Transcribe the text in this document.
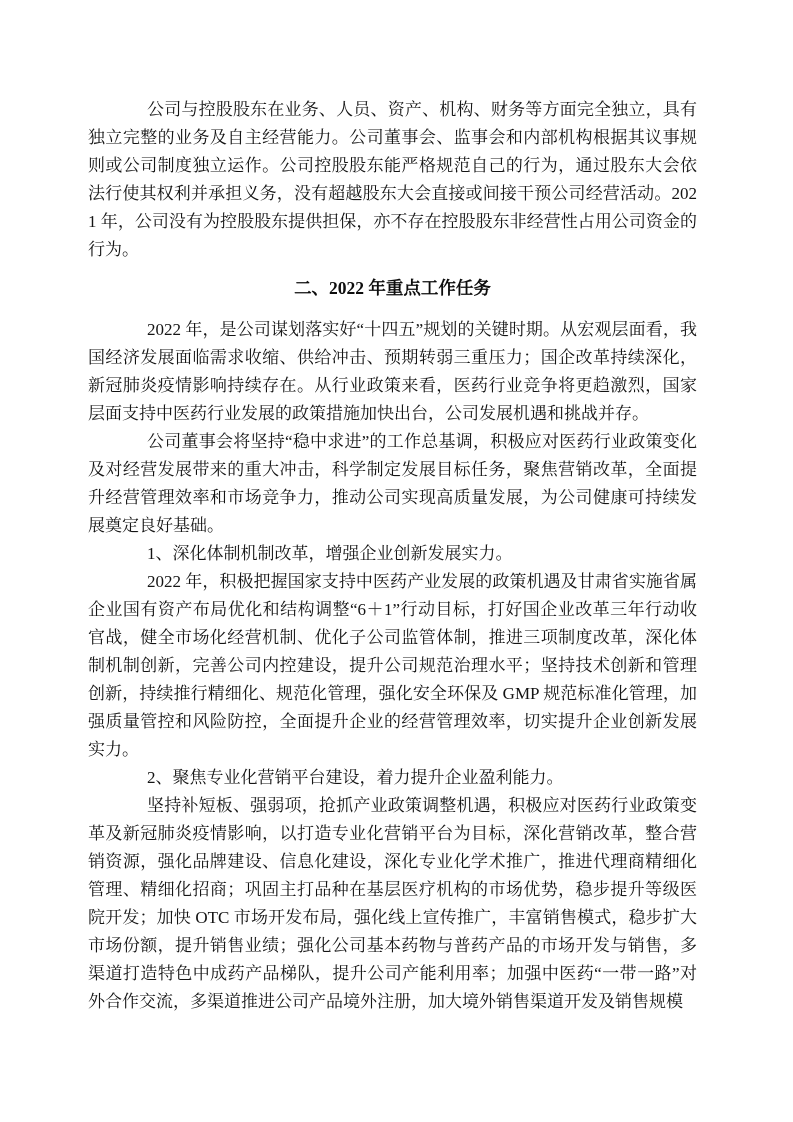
公司与控股股东在业务、人员、资产、机构、财务等方面完全独立，具有独立完整的业务及自主经营能力。公司董事会、监事会和内部机构根据其议事规则或公司制度独立运作。公司控股股东能严格规范自己的行为，通过股东大会依法行使其权利并承担义务，没有超越股东大会直接或间接干预公司经营活动。2021 年，公司没有为控股股东提供担保，亦不存在控股股东非经营性占用公司资金的行为。

二、2022 年重点工作任务

2022 年，是公司谋划落实好“十四五”规划的关键时期。从宏观层面看，我国经济发展面临需求收缩、供给冲击、预期转弱三重压力；国企改革持续深化，新冠肺炎疫情影响持续存在。从行业政策来看，医药行业竞争将更趋激烈，国家层面支持中医药行业发展的政策措施加快出台，公司发展机遇和挑战并存。

公司董事会将坚持“稳中求进”的工作总基调，积极应对医药行业政策变化及对经营发展带来的重大冲击，科学制定发展目标任务，聚焦营销改革，全面提升经营管理效率和市场竞争力，推动公司实现高质量发展，为公司健康可持续发展奠定良好基础。

1、深化体制机制改革，增强企业创新发展实力。

2022 年，积极把握国家支持中医药产业发展的政策机遇及甘肃省实施省属企业国有资产布局优化和结构调整“6＋1”行动目标，打好国企业改革三年行动收官战，健全市场化经营机制、优化子公司监管体制，推进三项制度改革，深化体制机制创新，完善公司内控建设，提升公司规范治理水平；坚持技术创新和管理创新，持续推行精细化、规范化管理，强化安全环保及 GMP 规范标准化管理，加强质量管控和风险防控，全面提升企业的经营管理效率，切实提升企业创新发展实力。

2、聚焦专业化营销平台建设，着力提升企业盈利能力。

坚持补短板、强弱项，抢抓产业政策调整机遇，积极应对医药行业政策变革及新冠肺炎疫情影响，以打造专业化营销平台为目标，深化营销改革，整合营销资源，强化品牌建设、信息化建设，深化专业化学术推广，推进代理商精细化管理、精细化招商；巩固主打品种在基层医疗机构的市场优势，稳步提升等级医院开发；加快 OTC 市场开发布局，强化线上宣传推广，丰富销售模式，稳步扩大市场份额，提升销售业绩；强化公司基本药物与普药产品的市场开发与销售，多渠道打造特色中成药产品梯队，提升公司产能利用率；加强中医药“一带一路”对外合作交流，多渠道推进公司产品境外注册，加大境外销售渠道开发及销售规模
